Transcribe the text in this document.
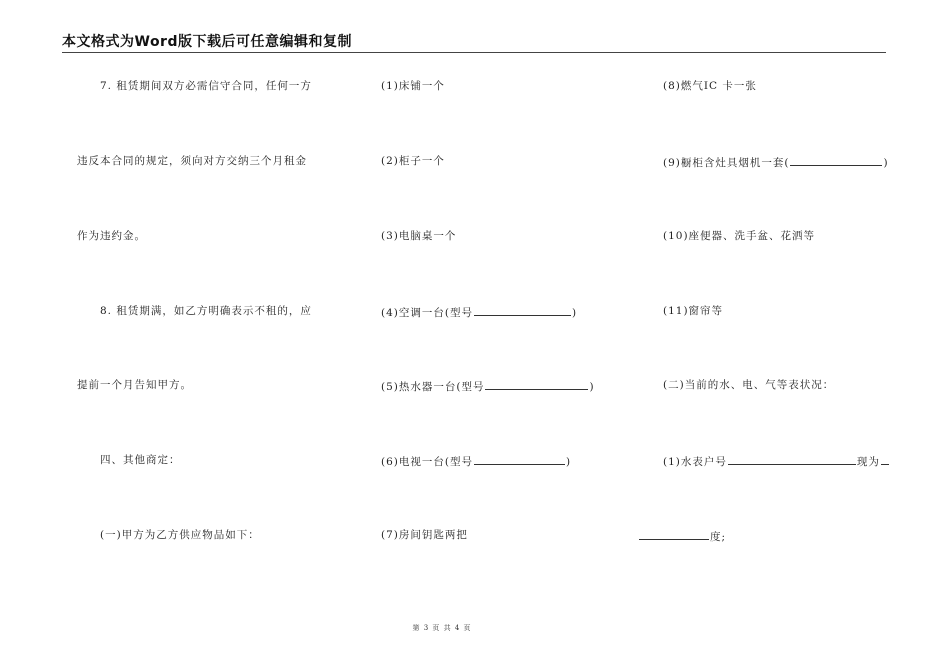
本文格式为Word版下载后可任意编辑和复制
7. 租赁期间双方必需信守合同，任何一方
违反本合同的规定，须向对方交纳三个月租金
作为违约金。
8. 租赁期满，如乙方明确表示不租的，应
提前一个月告知甲方。
四、其他商定：
(一)甲方为乙方供应物品如下：
(1)床铺一个
(2)柜子一个
(3)电脑桌一个
(4)空调一台(型号	)
(5)热水器一台(型号	)
(6)电视一台(型号	)
(7)房间钥匙两把
(8)燃气IC 卡一张
(9)橱柜含灶具烟机一套(	)
(10)座便器、洗手盆、花洒等
(11)窗帘等
(二)当前的水、电、气等表状况：
(1)水表户号	现为
度;
第 3 页 共 4 页
